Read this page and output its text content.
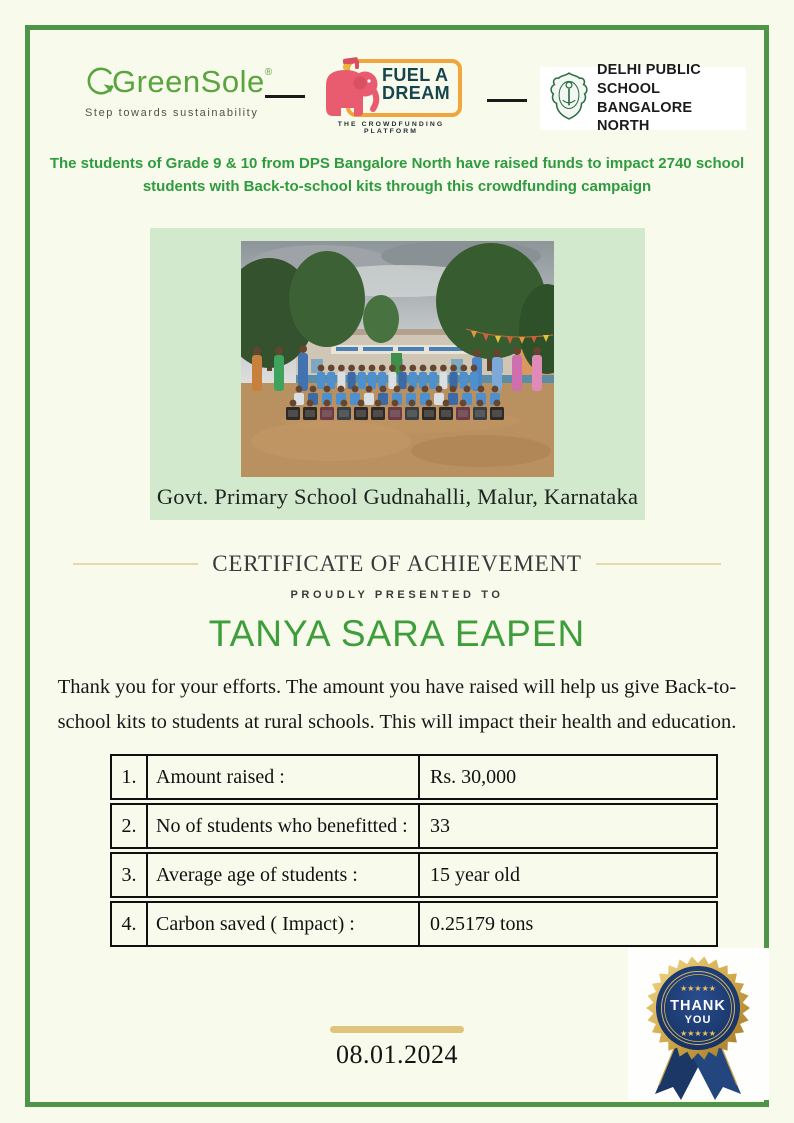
GreenSole ®
Step towards sustainability
FUEL A
DREAM
THE CROWDFUNDING PLATFORM
DELHI PUBLIC SCHOOL
BANGALORE NORTH
The students of Grade 9 & 10 from DPS Bangalore North have raised funds to impact 2740 school students with Back-to-school kits through this crowdfunding campaign
Govt. Primary School Gudnahalli, Malur, Karnataka
CERTIFICATE OF ACHIEVEMENT
PROUDLY PRESENTED TO
TANYA SARA EAPEN
Thank you for your efforts. The amount you have raised will help us give Back-to-school kits to students at rural schools. This will impact their health and education.
1. Amount raised :	Rs. 30,000
2. No of students who benefitted :	33
3. Average age of students :	15 year old
4. Carbon saved ( Impact) :	0.25179 tons
★★★★★
THANK
YOU
★★★★★
08.01.2024
